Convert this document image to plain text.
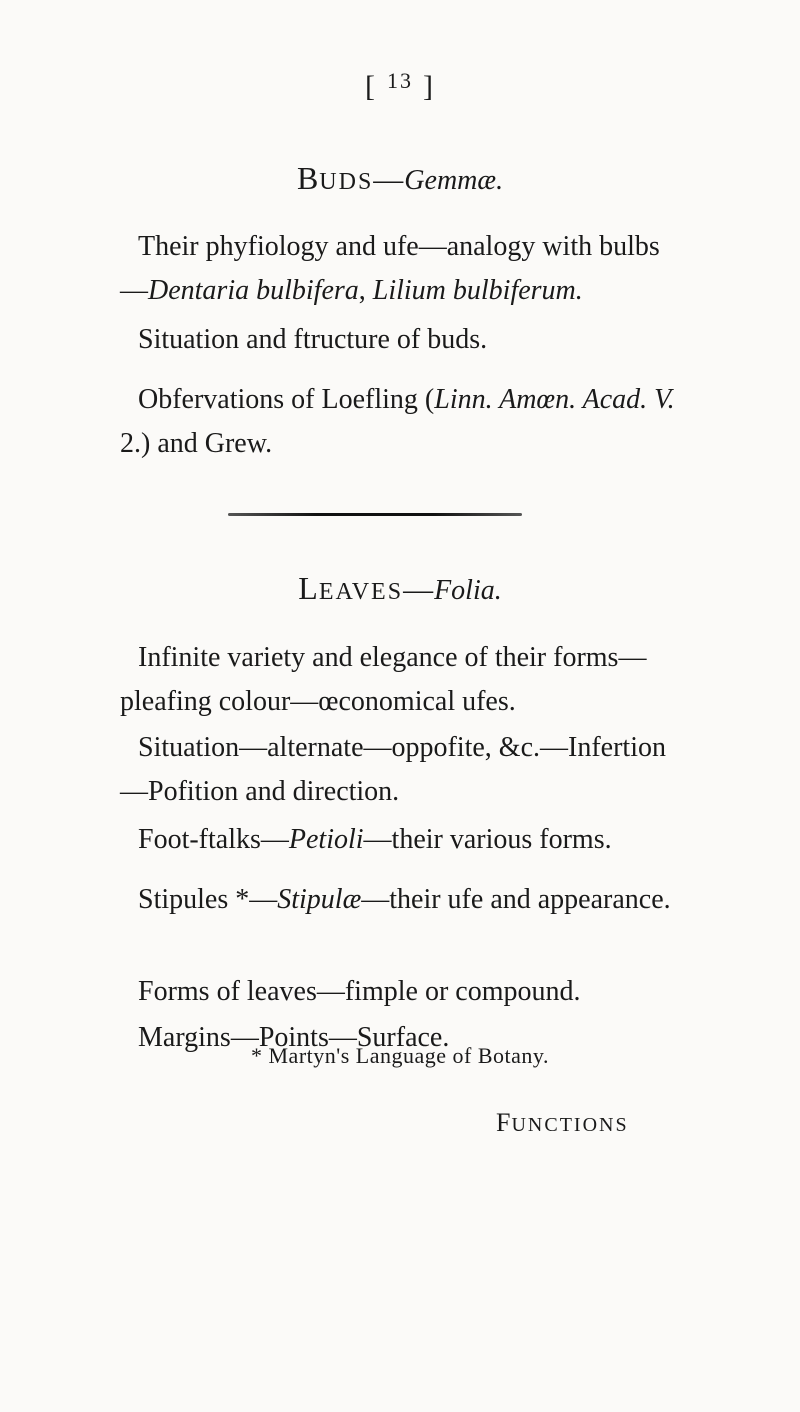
[ $^{13}$ ]
BUDS—Gemmæ.
Their phyfiology and ufe—analogy with bulbs —Dentaria bulbifera, Lilium bulbiferum.
Situation and ftructure of buds.
Obfervations of Loefling (Linn. Amœn. Acad. V. 2.) and Grew.
LEAVES—Folia.
Infinite variety and elegance of their forms—pleafing colour—œconomical ufes.
Situation—alternate—oppofite, &c.—Infertion—Pofition and direction.
Foot-ftalks—Petioli—their various forms.
Stipules *—Stipulæ—their ufe and appearance.
Forms of leaves—fimple or compound.
Margins—Points—Surface.
* Martyn's Language of Botany.
FUNCTIONS
